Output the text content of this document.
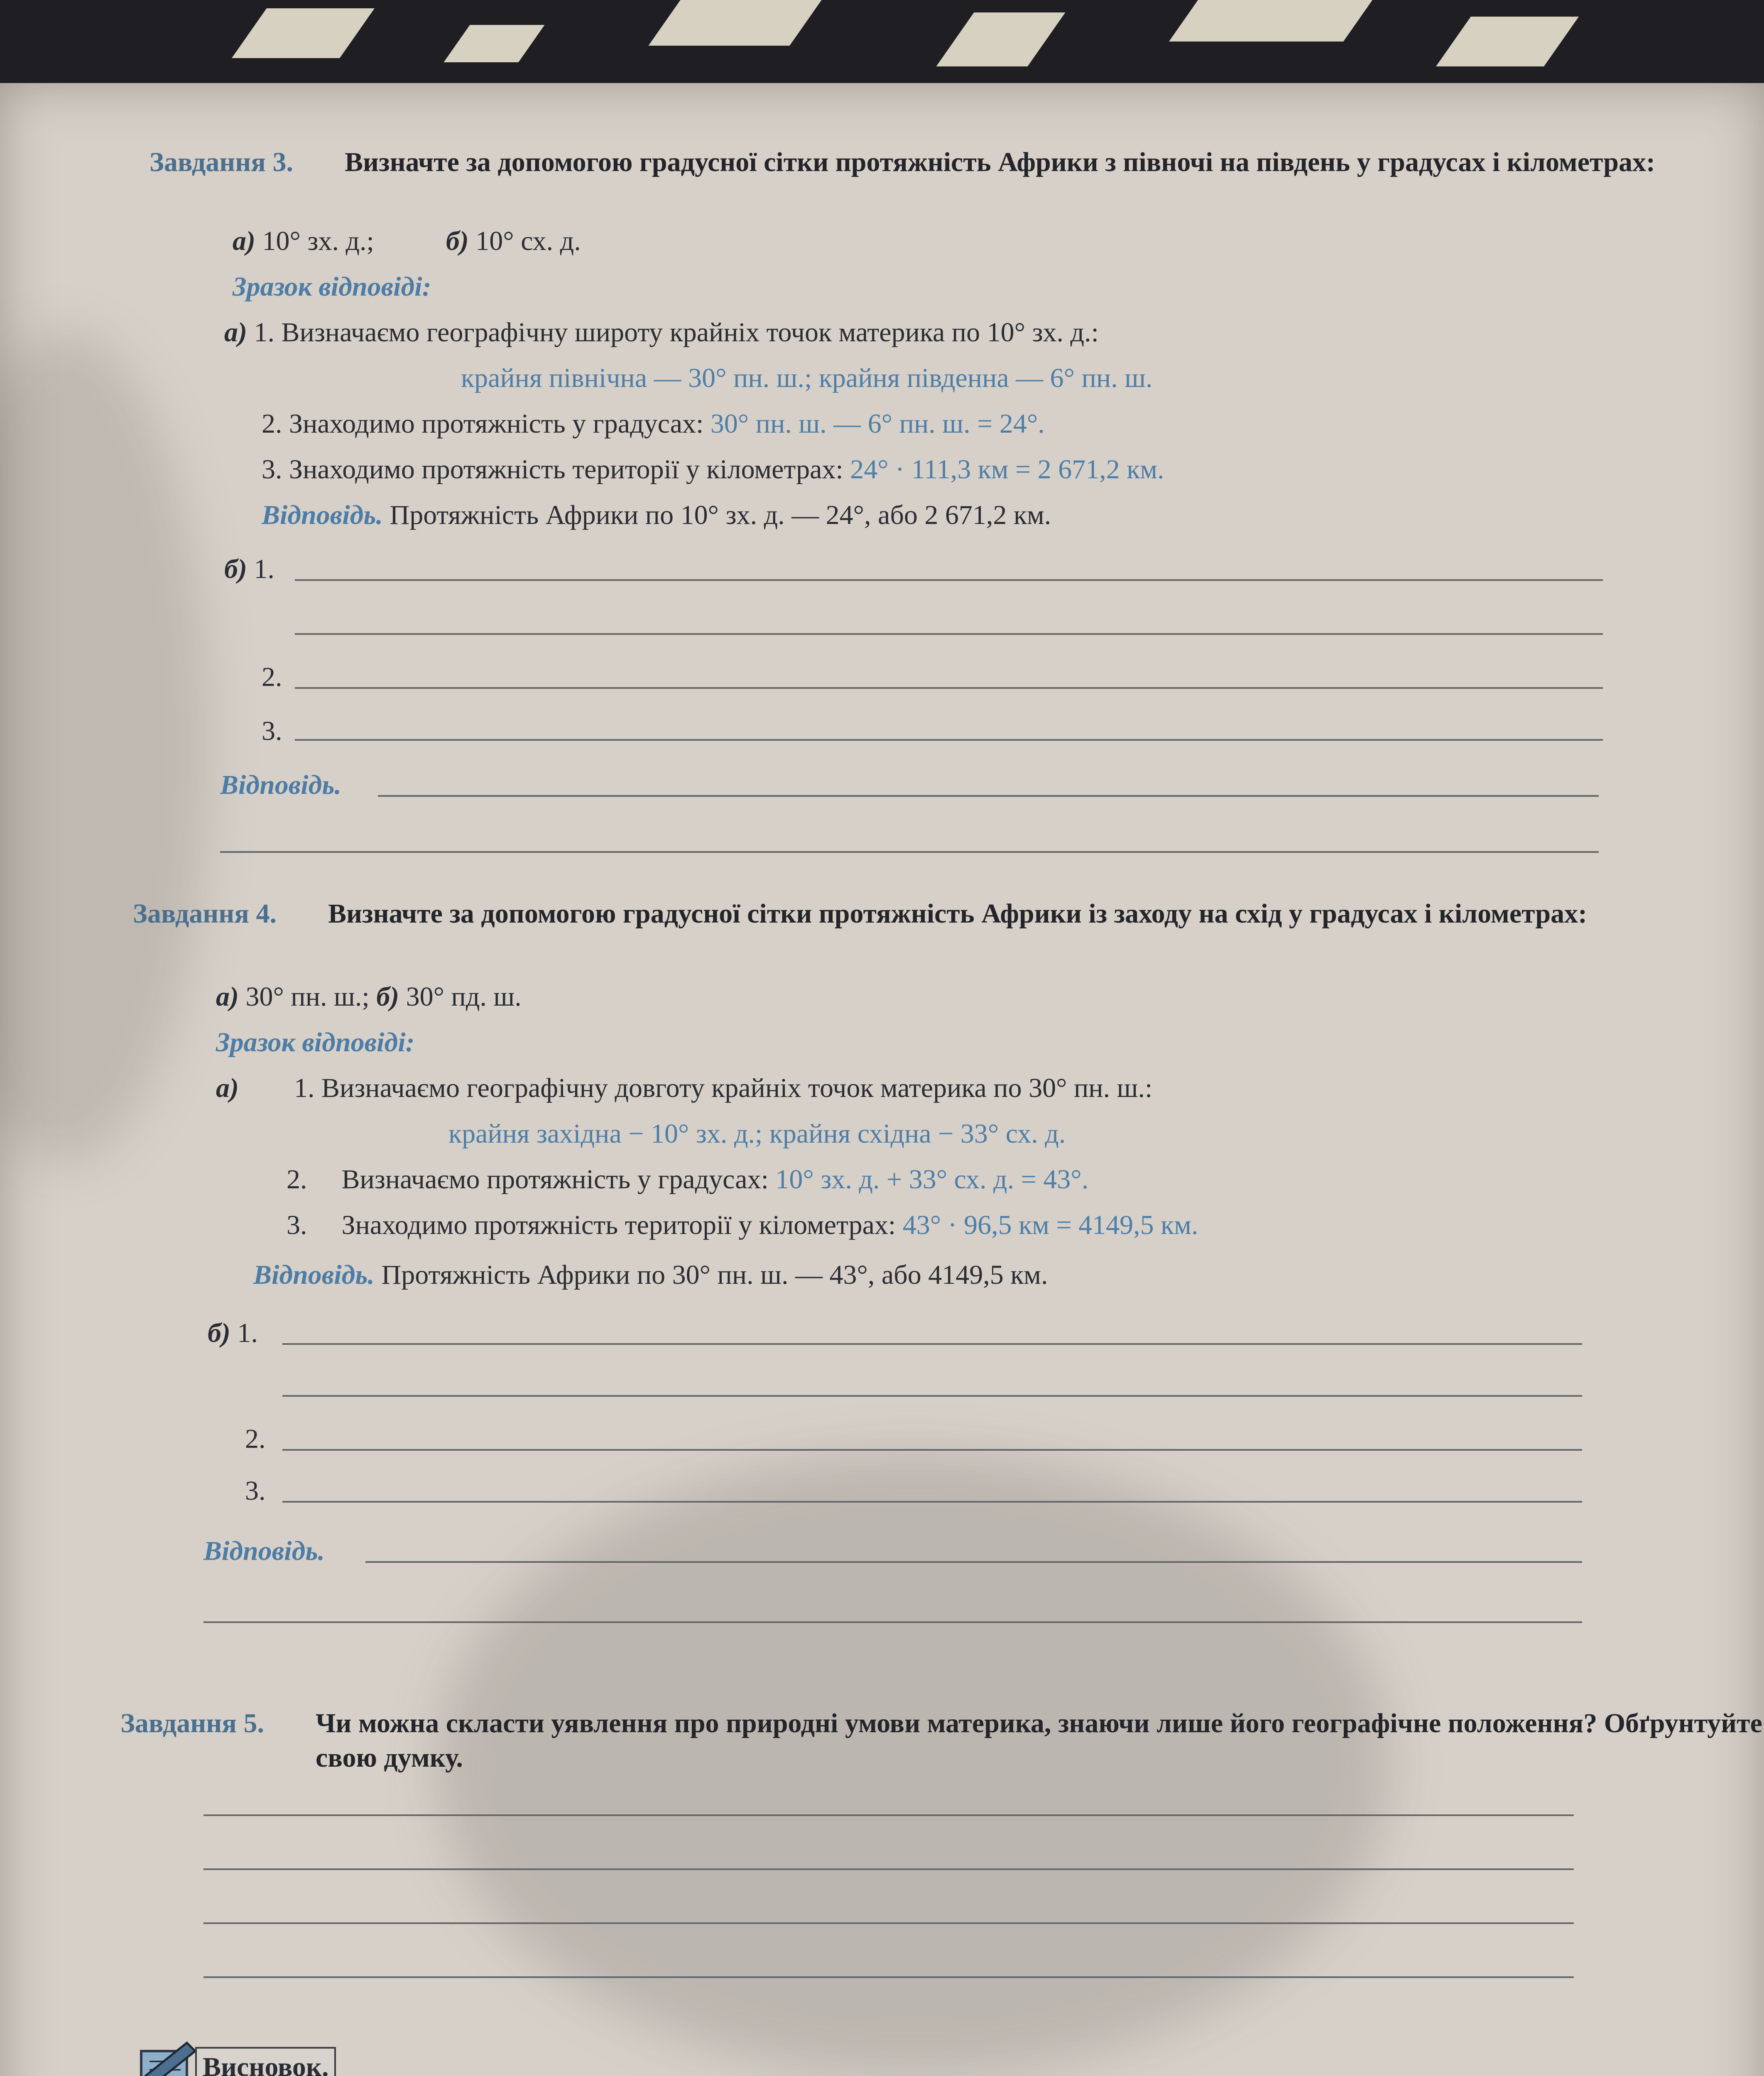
Завдання 3. Визначте за допомогою градусної сітки протяжність Африки з півночі на південь у градусах і кілометрах:
а) 10° зх. д.;	б) 10° сх. д.
Зразок відповіді:
а) 1. Визначаємо географічну широту крайніх точок материка по 10° зх. д.:
крайня північна — 30° пн. ш.; крайня південна — 6° пн. ш.
2. Знаходимо протяжність у градусах: 30° пн. ш. — 6° пн. ш. = 24°.
3. Знаходимо протяжність території у кілометрах: 24° · 111,3 км = 2 671,2 км.
Відповідь. Протяжність Африки по 10° зх. д. — 24°, або 2 671,2 км.
б) 1.
2.
3.
Відповідь.
Завдання 4. Визначте за допомогою градусної сітки протяжність Африки із заходу на схід у градусах і кілометрах:
а) 30° пн. ш.; б) 30° пд. ш.
Зразок відповіді:
а) 1. Визначаємо географічну довготу крайніх точок материка по 30° пн. ш.:
крайня західна − 10° зх. д.; крайня східна − 33° сх. д.
2. Визначаємо протяжність у градусах: 10° зх. д. + 33° сх. д. = 43°.
3. Знаходимо протяжність території у кілометрах: 43° · 96,5 км = 4149,5 км.
Відповідь. Протяжність Африки по 30° пн. ш. — 43°, або 4149,5 км.
б) 1.
2.
3.
Відповідь.
Завдання 5. Чи можна скласти уявлення про природні умови материка, знаючи лише його географічне положення? Обґрунтуйте свою думку.
Висновок.
